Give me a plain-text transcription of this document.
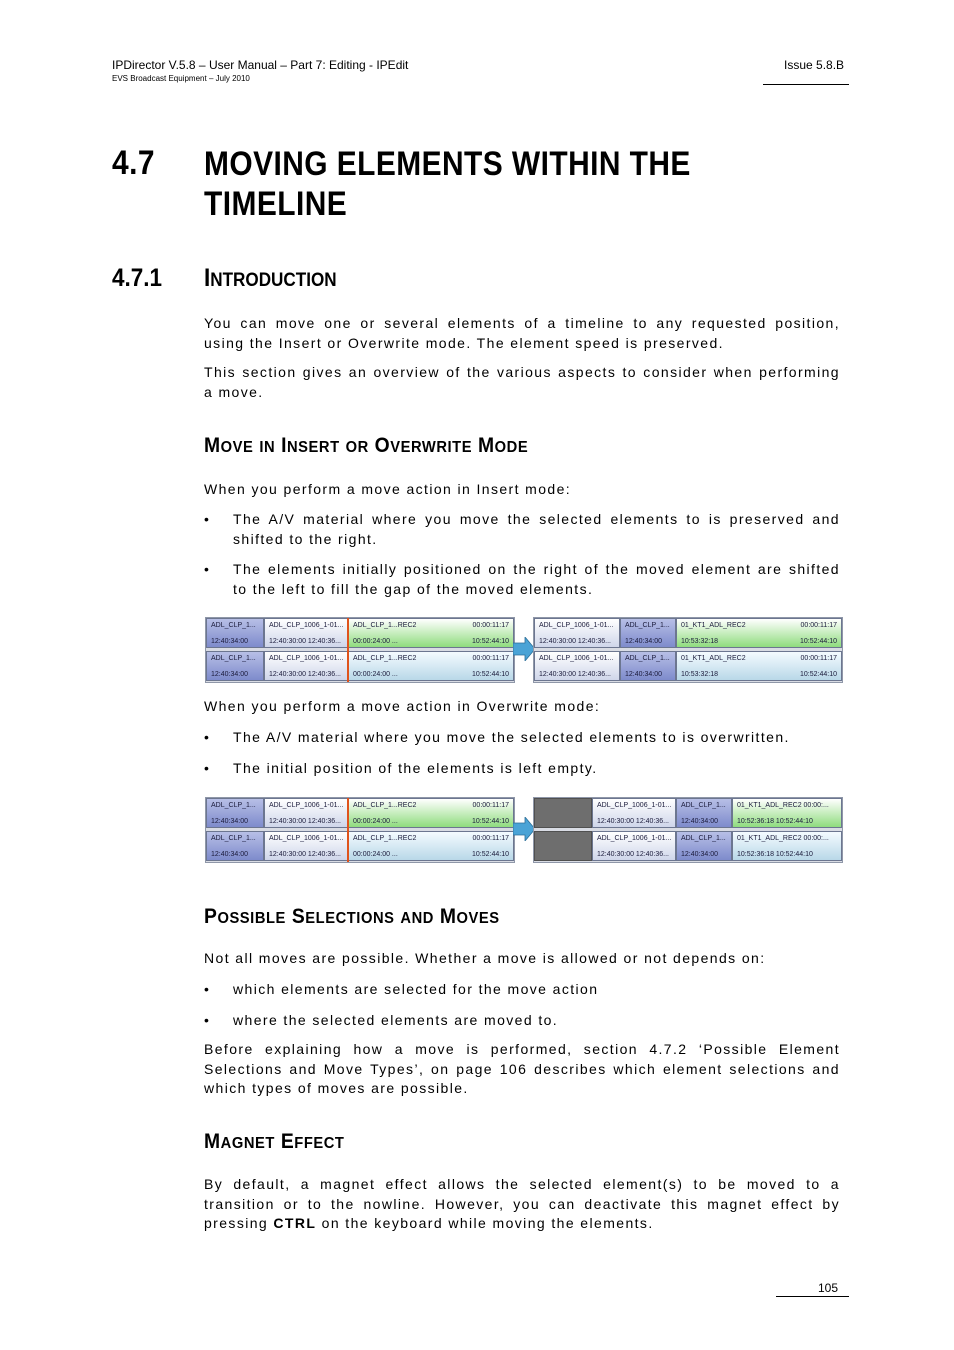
IPDirector V.5.8 – User Manual – Part 7: Editing - IPEdit
EVS Broadcast Equipment – July 2010
Issue 5.8.B
4.7 MOVING ELEMENTS WITHIN THE
TIMELINE
4.7.1 INTRODUCTION
You can move one or several elements of a timeline to any requested position, using the Insert or Overwrite mode. The element speed is preserved.
This section gives an overview of the various aspects to consider when performing a move.
MOVE IN INSERT OR OVERWRITE MODE
When you perform a move action in Insert mode:
•	The A/V material where you move the selected elements to is preserved and shifted to the right.
•	The elements initially positioned on the right of the moved element are shifted to the left to fill the gap of the moved elements.
ADL_CLP_1...
12:40:34:00
ADL_CLP_1006_1-01...
12:40:30:00 12:40:36...
ADL_CLP_1...REC2
00:00:24:00 ...
00:00:11:17
10:52:44:10
ADL_CLP_1...
12:40:34:00
ADL_CLP_1006_1-01...
12:40:30:00 12:40:36...
ADL_CLP_1...REC2
00:00:24:00 ...
00:00:11:17
10:52:44:10
ADL_CLP_1006_1-01...
12:40:30:00 12:40:36...
ADL_CLP_1...
12:40:34:00
01_KT1_ADL_REC2
10:53:32:18
00:00:11:17
10:52:44:10
ADL_CLP_1006_1-01...
12:40:30:00 12:40:36...
ADL_CLP_1...
12:40:34:00
01_KT1_ADL_REC2
10:53:32:18
00:00:11:17
10:52:44:10
When you perform a move action in Overwrite mode:
•	The A/V material where you move the selected elements to is overwritten.
•	The initial position of the elements is left empty.
ADL_CLP_1...
12:40:34:00
ADL_CLP_1006_1-01...
12:40:30:00 12:40:36...
ADL_CLP_1...REC2
00:00:24:00 ...
00:00:11:17
10:52:44:10
ADL_CLP_1...
12:40:34:00
ADL_CLP_1006_1-01...
12:40:30:00 12:40:36...
ADL_CLP_1...REC2
00:00:24:00 ...
00:00:11:17
10:52:44:10
ADL_CLP_1006_1-01...
12:40:30:00 12:40:36...
ADL_CLP_1...
12:40:34:00
01_KT1_ADL_REC2 00:00:...
10:52:36:18 10:52:44:10
ADL_CLP_1006_1-01...
12:40:30:00 12:40:36...
ADL_CLP_1...
12:40:34:00
01_KT1_ADL_REC2 00:00:...
10:52:36:18 10:52:44:10
POSSIBLE SELECTIONS AND MOVES
Not all moves are possible. Whether a move is allowed or not depends on:
•	which elements are selected for the move action
•	where the selected elements are moved to.
Before explaining how a move is performed, section 4.7.2 ‘Possible Element Selections and Move Types’, on page 106 describes which element selections and which types of moves are possible.
MAGNET EFFECT
By default, a magnet effect allows the selected element(s) to be moved to a transition or to the nowline. However, you can deactivate this magnet effect by pressing CTRL on the keyboard while moving the elements.
105
